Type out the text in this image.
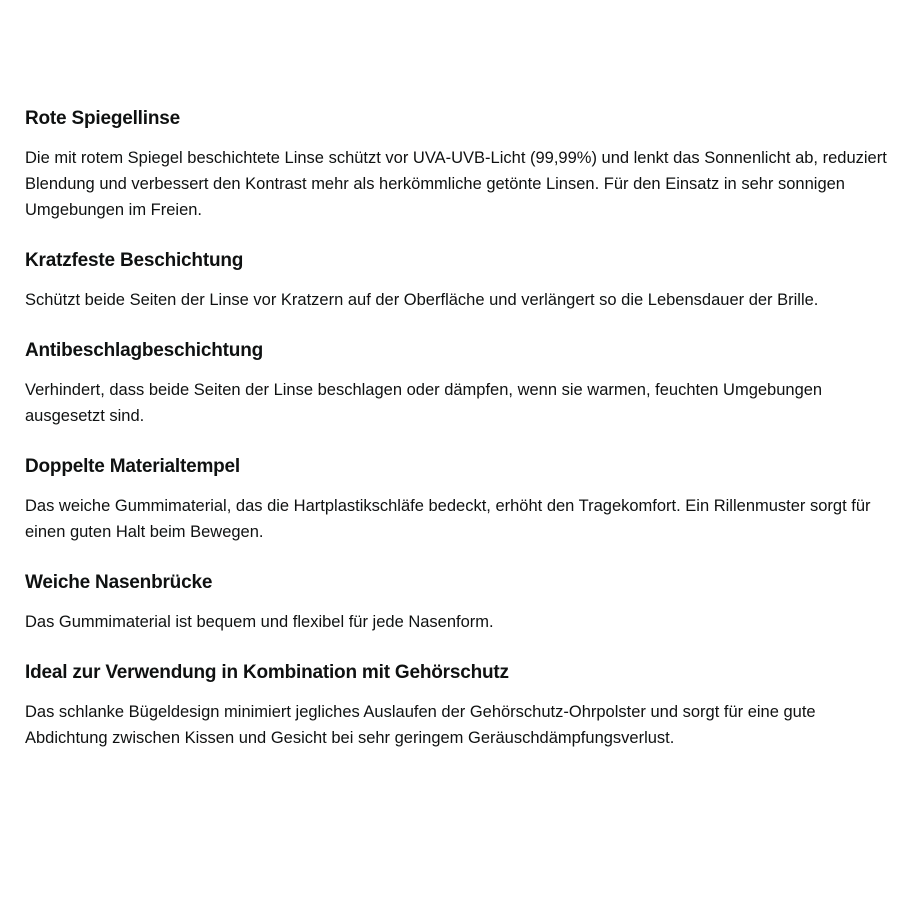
Rote Spiegellinse

Die mit rotem Spiegel beschichtete Linse schützt vor UVA-UVB-Licht (99,99%) und lenkt das Sonnenlicht ab, reduziert Blendung und verbessert den Kontrast mehr als herkömmliche getönte Linsen. Für den Einsatz in sehr sonnigen Umgebungen im Freien.

Kratzfeste Beschichtung

Schützt beide Seiten der Linse vor Kratzern auf der Oberfläche und verlängert so die Lebensdauer der Brille.

Antibeschlagbeschichtung

Verhindert, dass beide Seiten der Linse beschlagen oder dämpfen, wenn sie warmen, feuchten Umgebungen ausgesetzt sind.

Doppelte Materialtempel

Das weiche Gummimaterial, das die Hartplastikschläfe bedeckt, erhöht den Tragekomfort. Ein Rillenmuster sorgt für einen guten Halt beim Bewegen.

Weiche Nasenbrücke

Das Gummimaterial ist bequem und flexibel für jede Nasenform.

Ideal zur Verwendung in Kombination mit Gehörschutz

Das schlanke Bügeldesign minimiert jegliches Auslaufen der Gehörschutz-Ohrpolster und sorgt für eine gute Abdichtung zwischen Kissen und Gesicht bei sehr geringem Geräuschdämpfungsverlust.
